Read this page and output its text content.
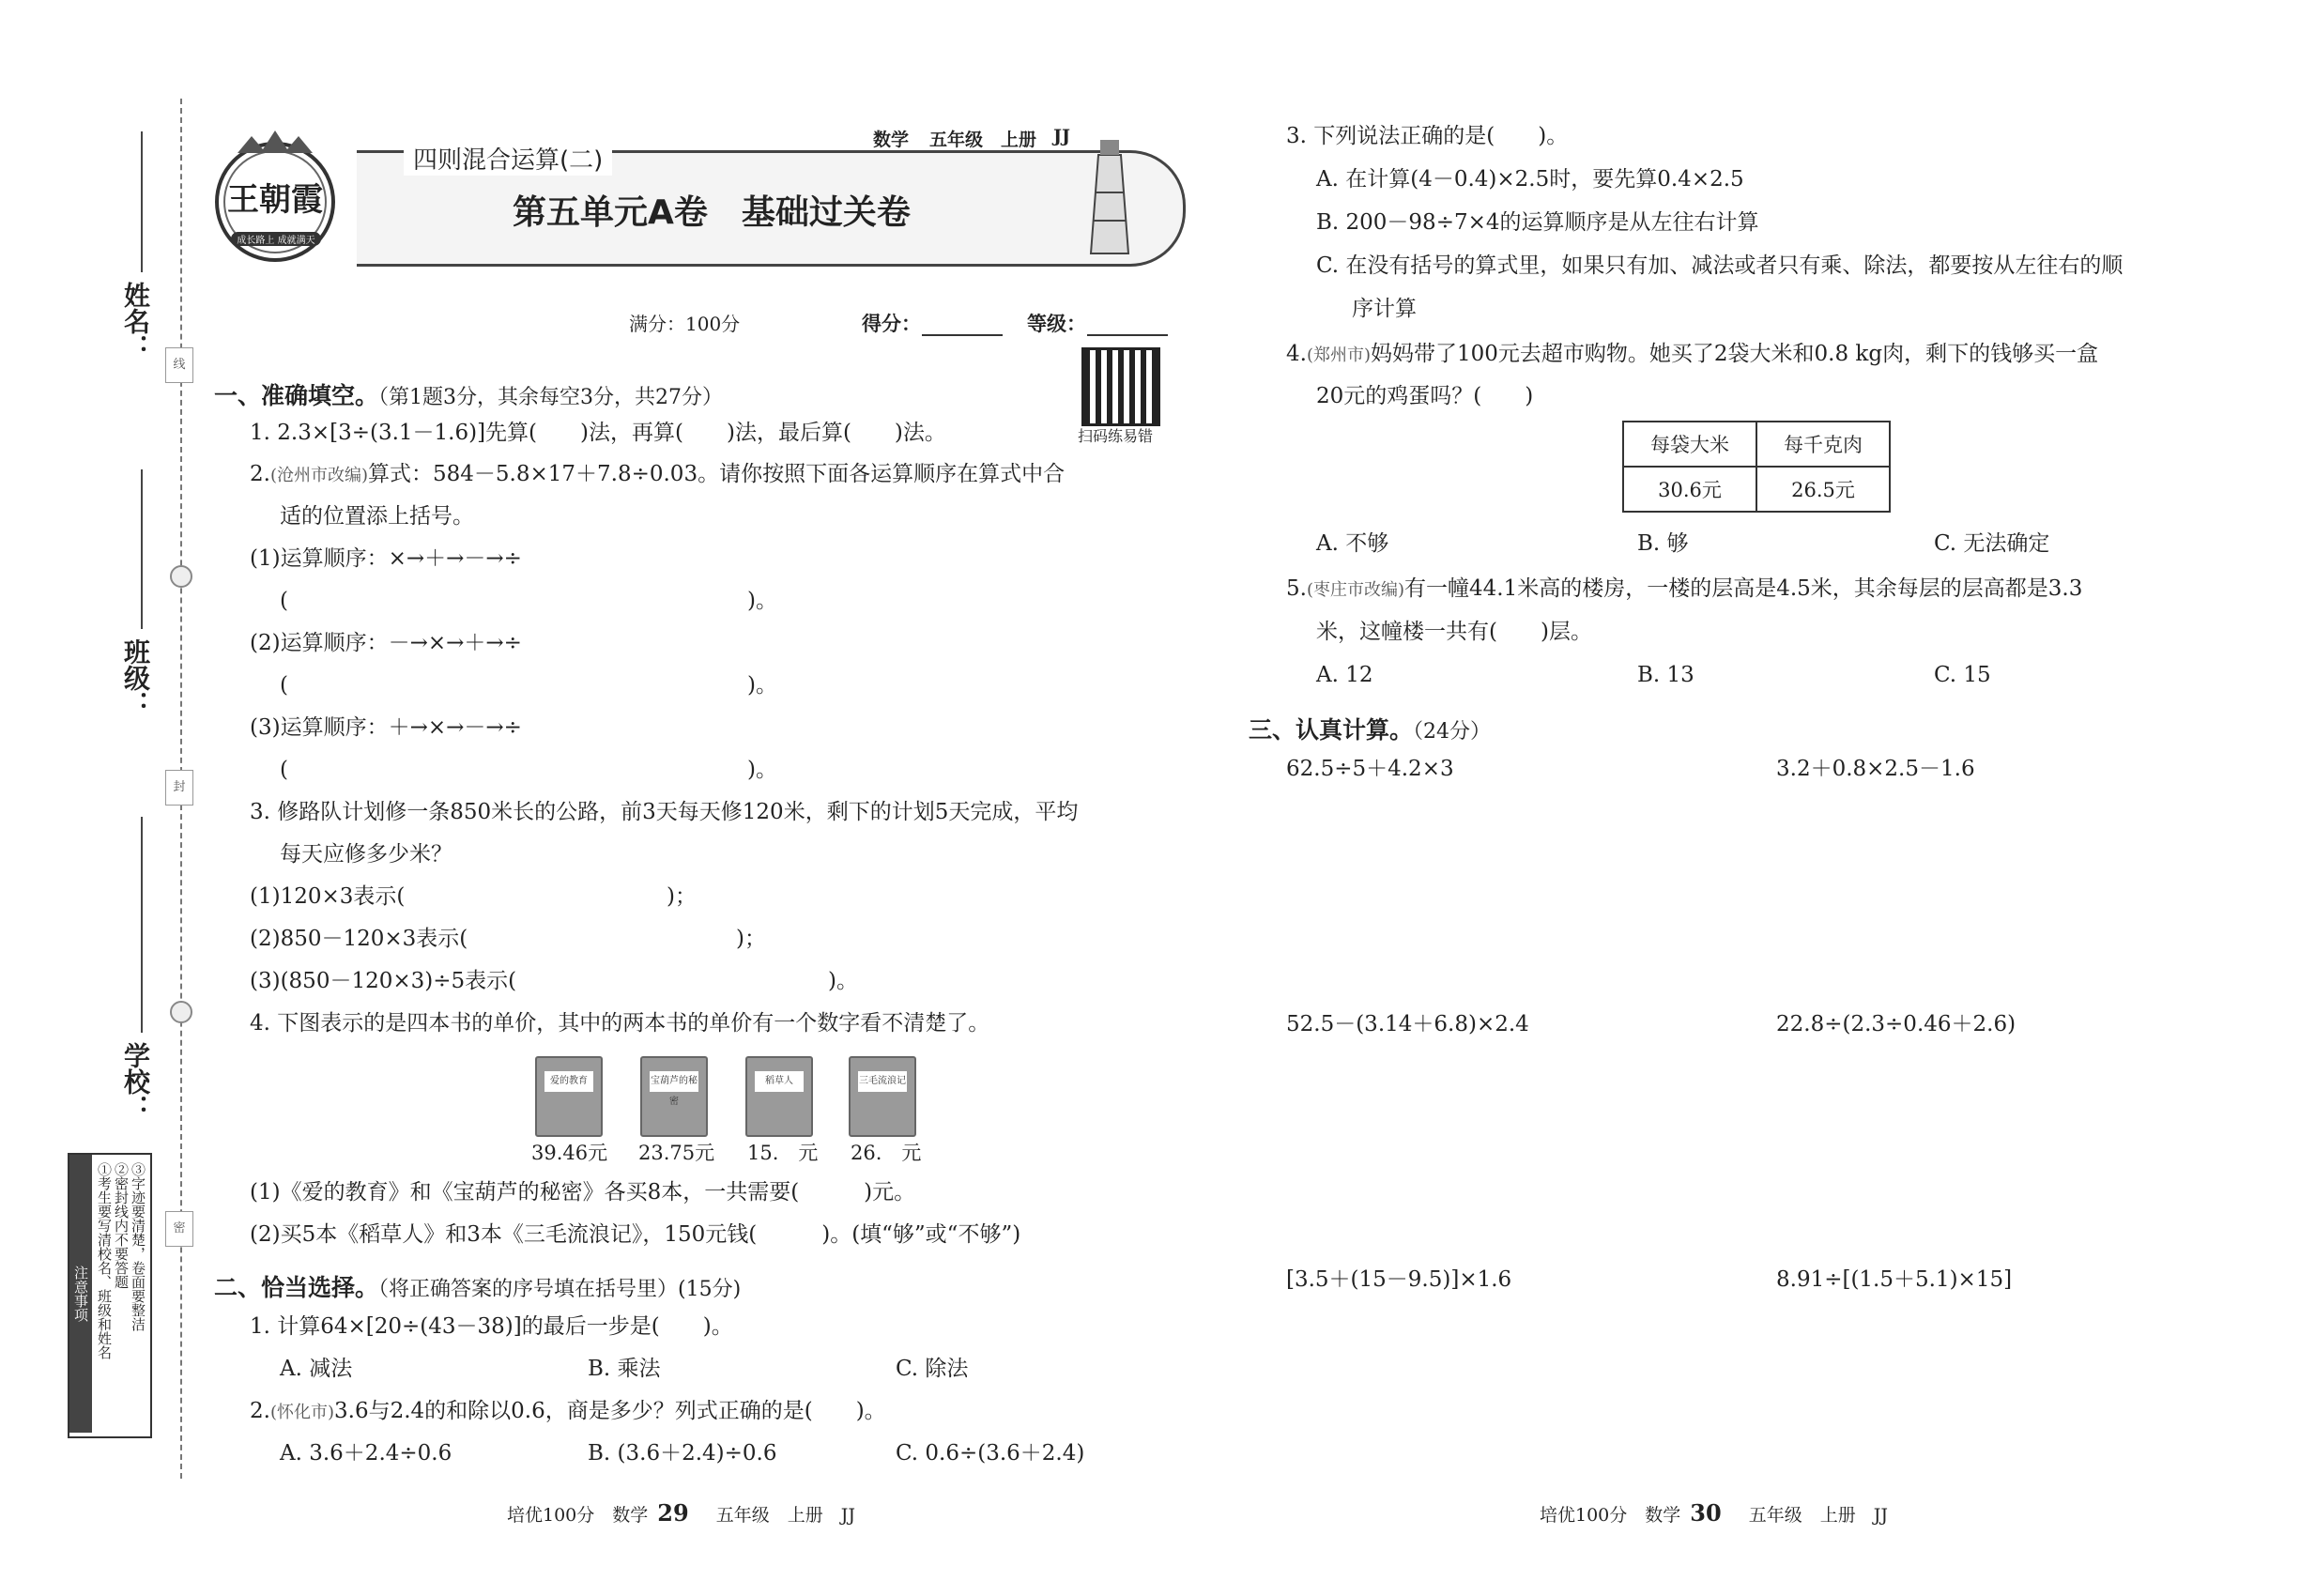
姓名：
班级：
学校：
线
封
密
注意事项 ①考生要写清校名、班级和姓名 ②密封线内不要答题 ③字迹要清楚，卷面要整洁
王朝霞
成长路上 成就满天
四则混合运算(二)
数学 五年级 上册 JJ
第五单元A卷　基础过关卷
满分：100分	得分：	等级：
扫码练易错
一、准确填空。（第1题3分，其余每空3分，共27分）
1. 2.3×[3÷(3.1－1.6)]先算(　　)法，再算(　　)法，最后算(　　)法。
2.(沧州市改编)算式：584－5.8×17＋7.8÷0.03。请你按照下面各运算顺序在算式中合
适的位置添上括号。
(1)运算顺序：×→＋→－→÷
(	)。
(2)运算顺序：－→×→＋→÷
(	)。
(3)运算顺序：＋→×→－→÷
(	)。
3. 修路队计划修一条850米长的公路，前3天每天修120米，剩下的计划5天完成，平均
每天应修多少米？
(1)120×3表示(	)；
(2)850－120×3表示(	)；
(3)(850－120×3)÷5表示(	)。
4. 下图表示的是四本书的单价，其中的两本书的单价有一个数字看不清楚了。
爱的教育	宝葫芦的秘密
稻草人	三毛流浪记
39.46元 23.75元 15.　元 26.　元
(1)《爱的教育》和《宝葫芦的秘密》各买8本，一共需要(　　　)元。
(2)买5本《稻草人》和3本《三毛流浪记》，150元钱(　　　)。(填“够”或“不够”)
二、恰当选择。（将正确答案的序号填在括号里）(15分)
1. 计算64×[20÷(43－38)]的最后一步是(　　)。
A. 减法	B. 乘法	C. 除法
2.(怀化市)3.6与2.4的和除以0.6，商是多少？列式正确的是(　　)。
A. 3.6＋2.4÷0.6	B. (3.6＋2.4)÷0.6	C. 0.6÷(3.6＋2.4)
培优100分　 数学 29　 五年级　 上册　 JJ
3. 下列说法正确的是(　　)。
A. 在计算(4－0.4)×2.5时，要先算0.4×2.5
B. 200－98÷7×4的运算顺序是从左往右计算
C. 在没有括号的算式里，如果只有加、减法或者只有乘、除法，都要按从左往右的顺
序计算
4.(郑州市)妈妈带了100元去超市购物。她买了2袋大米和0.8 kg肉，剩下的钱够买一盒
20元的鸡蛋吗？(　　)
每袋大米	每千克肉
30.6元	26.5元
A. 不够	B. 够	C. 无法确定
5.(枣庄市改编)有一幢44.1米高的楼房，一楼的层高是4.5米，其余每层的层高都是3.3
米，这幢楼一共有(　　)层。
A. 12	B. 13	C. 15
三、认真计算。（24分）
62.5÷5＋4.2×3	3.2＋0.8×2.5－1.6
52.5－(3.14＋6.8)×2.4	22.8÷(2.3÷0.46＋2.6)
[3.5＋(15－9.5)]×1.6	8.91÷[(1.5＋5.1)×15]
培优100分　 数学 30　 五年级　 上册　 JJ
